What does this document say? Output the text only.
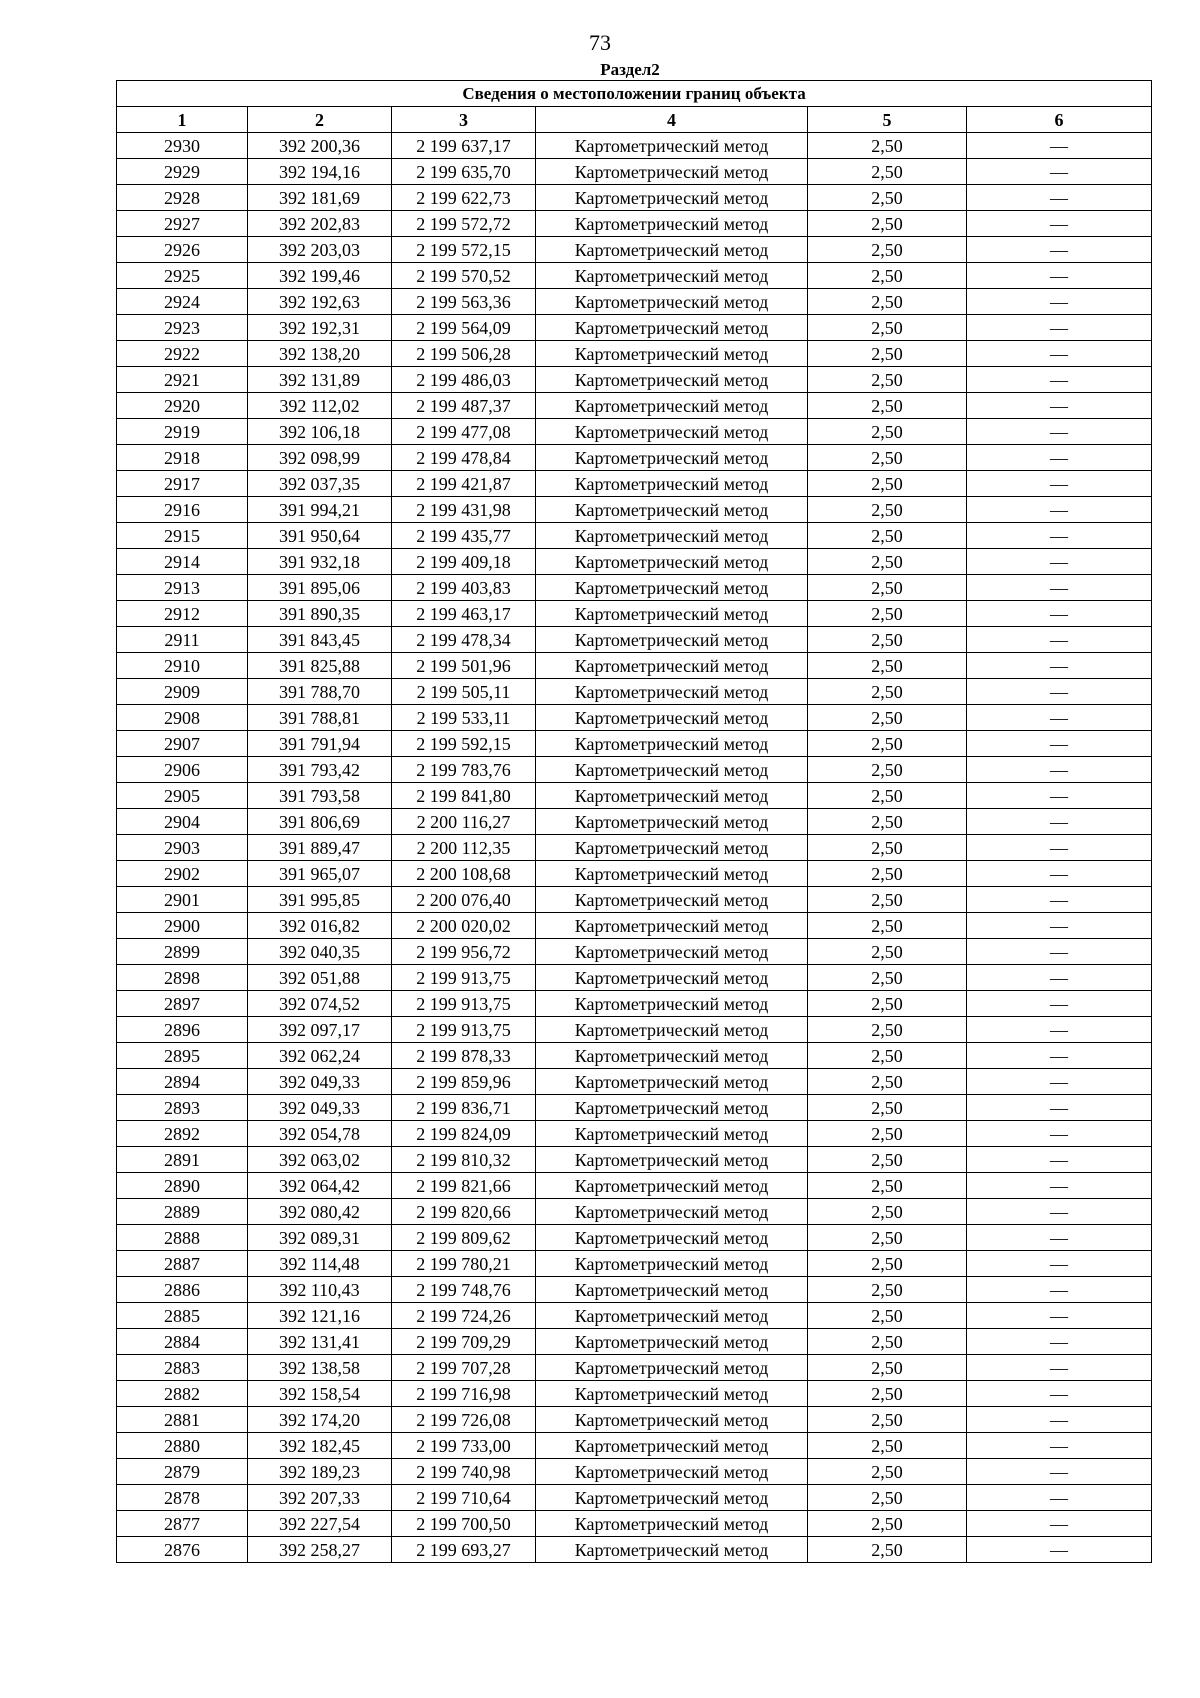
73
Раздел2
Сведения о местоположении границ объекта					
1	2	3	4	5	6
2930	392 200,36	2 199 637,17	Картометрический метод	2,50	—
2929	392 194,16	2 199 635,70	Картометрический метод	2,50	—
2928	392 181,69	2 199 622,73	Картометрический метод	2,50	—
2927	392 202,83	2 199 572,72	Картометрический метод	2,50	—
2926	392 203,03	2 199 572,15	Картометрический метод	2,50	—
2925	392 199,46	2 199 570,52	Картометрический метод	2,50	—
2924	392 192,63	2 199 563,36	Картометрический метод	2,50	—
2923	392 192,31	2 199 564,09	Картометрический метод	2,50	—
2922	392 138,20	2 199 506,28	Картометрический метод	2,50	—
2921	392 131,89	2 199 486,03	Картометрический метод	2,50	—
2920	392 112,02	2 199 487,37	Картометрический метод	2,50	—
2919	392 106,18	2 199 477,08	Картометрический метод	2,50	—
2918	392 098,99	2 199 478,84	Картометрический метод	2,50	—
2917	392 037,35	2 199 421,87	Картометрический метод	2,50	—
2916	391 994,21	2 199 431,98	Картометрический метод	2,50	—
2915	391 950,64	2 199 435,77	Картометрический метод	2,50	—
2914	391 932,18	2 199 409,18	Картометрический метод	2,50	—
2913	391 895,06	2 199 403,83	Картометрический метод	2,50	—
2912	391 890,35	2 199 463,17	Картометрический метод	2,50	—
2911	391 843,45	2 199 478,34	Картометрический метод	2,50	—
2910	391 825,88	2 199 501,96	Картометрический метод	2,50	—
2909	391 788,70	2 199 505,11	Картометрический метод	2,50	—
2908	391 788,81	2 199 533,11	Картометрический метод	2,50	—
2907	391 791,94	2 199 592,15	Картометрический метод	2,50	—
2906	391 793,42	2 199 783,76	Картометрический метод	2,50	—
2905	391 793,58	2 199 841,80	Картометрический метод	2,50	—
2904	391 806,69	2 200 116,27	Картометрический метод	2,50	—
2903	391 889,47	2 200 112,35	Картометрический метод	2,50	—
2902	391 965,07	2 200 108,68	Картометрический метод	2,50	—
2901	391 995,85	2 200 076,40	Картометрический метод	2,50	—
2900	392 016,82	2 200 020,02	Картометрический метод	2,50	—
2899	392 040,35	2 199 956,72	Картометрический метод	2,50	—
2898	392 051,88	2 199 913,75	Картометрический метод	2,50	—
2897	392 074,52	2 199 913,75	Картометрический метод	2,50	—
2896	392 097,17	2 199 913,75	Картометрический метод	2,50	—
2895	392 062,24	2 199 878,33	Картометрический метод	2,50	—
2894	392 049,33	2 199 859,96	Картометрический метод	2,50	—
2893	392 049,33	2 199 836,71	Картометрический метод	2,50	—
2892	392 054,78	2 199 824,09	Картометрический метод	2,50	—
2891	392 063,02	2 199 810,32	Картометрический метод	2,50	—
2890	392 064,42	2 199 821,66	Картометрический метод	2,50	—
2889	392 080,42	2 199 820,66	Картометрический метод	2,50	—
2888	392 089,31	2 199 809,62	Картометрический метод	2,50	—
2887	392 114,48	2 199 780,21	Картометрический метод	2,50	—
2886	392 110,43	2 199 748,76	Картометрический метод	2,50	—
2885	392 121,16	2 199 724,26	Картометрический метод	2,50	—
2884	392 131,41	2 199 709,29	Картометрический метод	2,50	—
2883	392 138,58	2 199 707,28	Картометрический метод	2,50	—
2882	392 158,54	2 199 716,98	Картометрический метод	2,50	—
2881	392 174,20	2 199 726,08	Картометрический метод	2,50	—
2880	392 182,45	2 199 733,00	Картометрический метод	2,50	—
2879	392 189,23	2 199 740,98	Картометрический метод	2,50	—
2878	392 207,33	2 199 710,64	Картометрический метод	2,50	—
2877	392 227,54	2 199 700,50	Картометрический метод	2,50	—
2876	392 258,27	2 199 693,27	Картометрический метод	2,50	—
